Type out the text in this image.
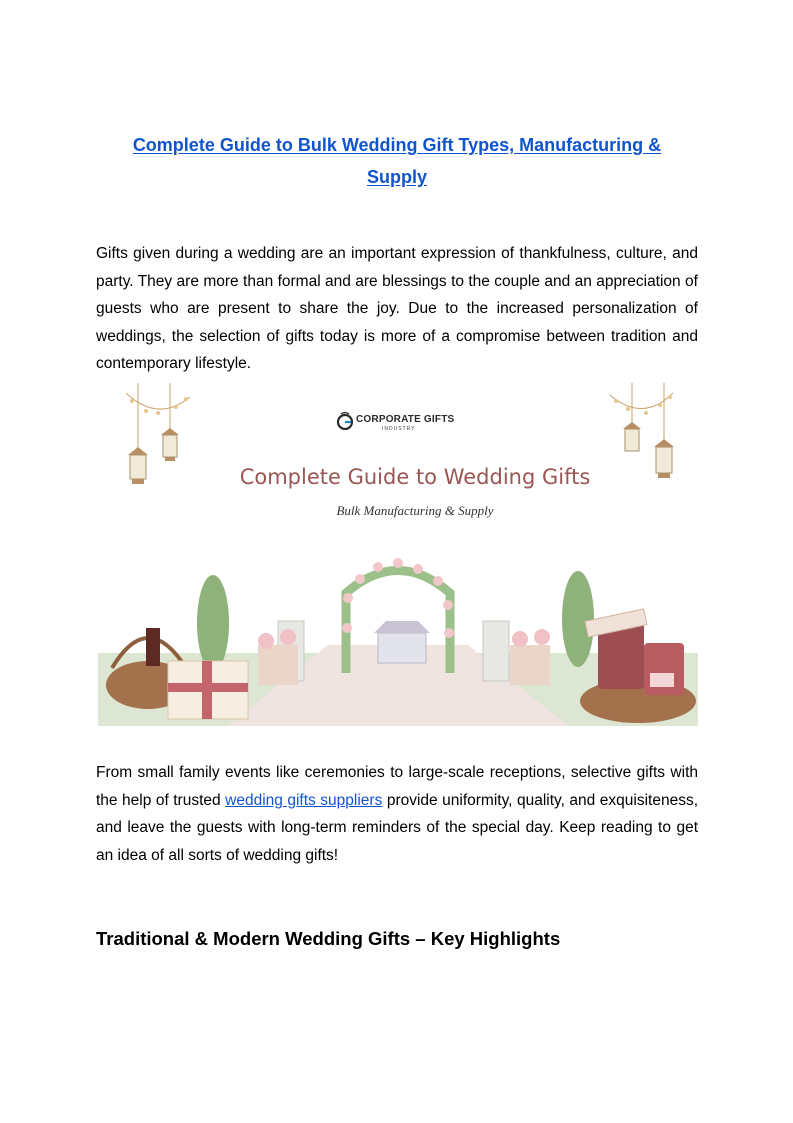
Complete Guide to Bulk Wedding Gift Types, Manufacturing &
Supply
Gifts given during a wedding are an important expression of thankfulness, culture, and party. They are more than formal and are blessings to the couple and an appreciation of guests who are present to share the joy. Due to the increased personalization of weddings, the selection of gifts today is more of a compromise between tradition and contemporary lifestyle.
CORPORATE GIFTS
INDUSTRY
Complete Guide to Wedding Gifts
Bulk Manufacturing & Supply
From small family events like ceremonies to large-scale receptions, selective gifts with the help of trusted wedding gifts suppliers provide uniformity, quality, and exquisiteness, and leave the guests with long-term reminders of the special day. Keep reading to get an idea of all sorts of wedding gifts!
Traditional & Modern Wedding Gifts – Key Highlights
